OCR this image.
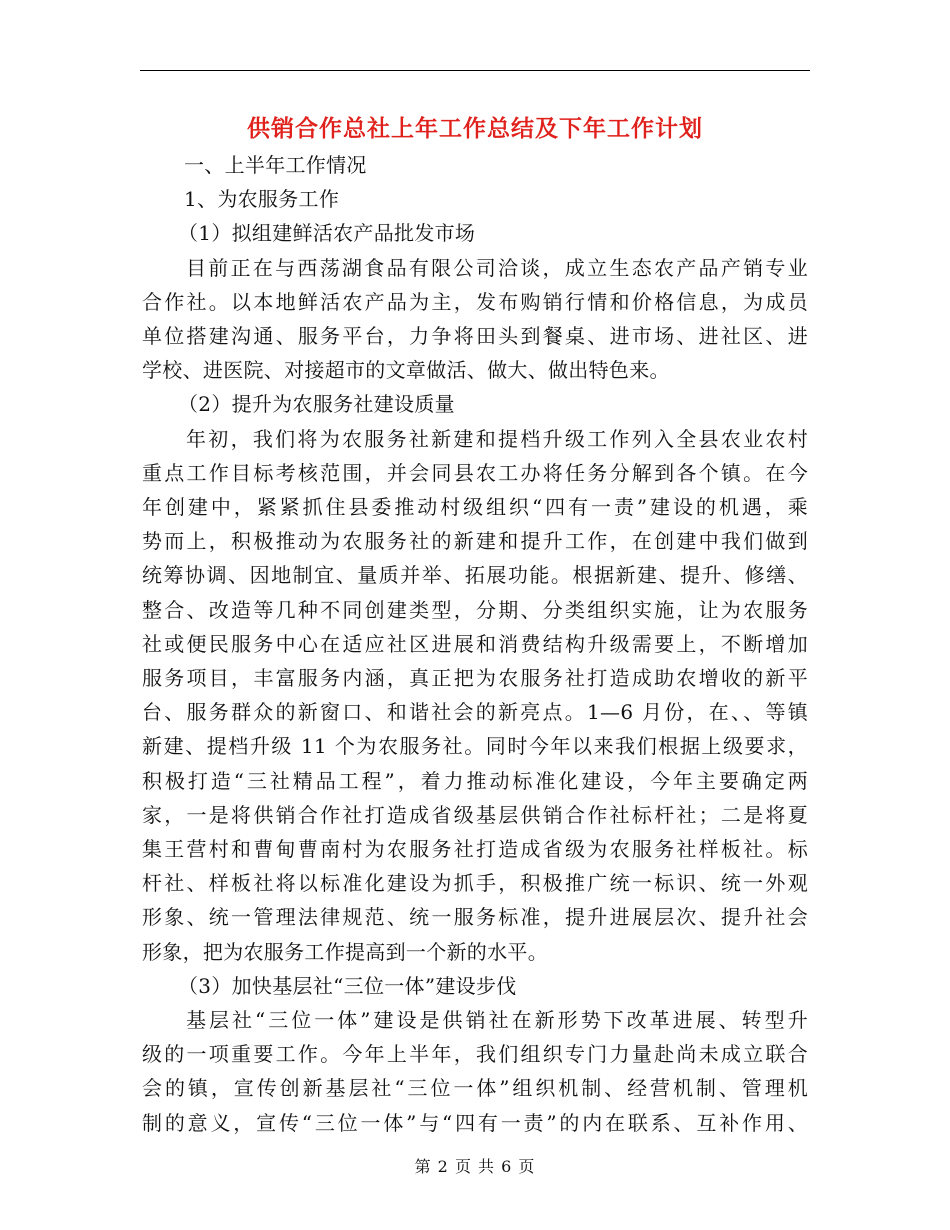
供销合作总社上年工作总结及下年工作计划
一、上半年工作情况
1、为农服务工作
（1）拟组建鲜活农产品批发市场
目前正在与西荡湖食品有限公司洽谈，成立生态农产品产销专业
合作社。以本地鲜活农产品为主，发布购销行情和价格信息，为成员
单位搭建沟通、服务平台，力争将田头到餐桌、进市场、进社区、进
学校、进医院、对接超市的文章做活、做大、做出特色来。
（2）提升为农服务社建设质量
年初，我们将为农服务社新建和提档升级工作列入全县农业农村
重点工作目标考核范围，并会同县农工办将任务分解到各个镇。在今
年创建中，紧紧抓住县委推动村级组织“四有一责”建设的机遇，乘
势而上，积极推动为农服务社的新建和提升工作，在创建中我们做到
统筹协调、因地制宜、量质并举、拓展功能。根据新建、提升、修缮、
整合、改造等几种不同创建类型，分期、分类组织实施，让为农服务
社或便民服务中心在适应社区进展和消费结构升级需要上，不断增加
服务项目，丰富服务内涵，真正把为农服务社打造成助农增收的新平
台、服务群众的新窗口、和谐社会的新亮点。1—6 月份，在、、等镇
新建、提档升级 11 个为农服务社。同时今年以来我们根据上级要求，
积极打造“三社精品工程”，着力推动标准化建设，今年主要确定两
家，一是将供销合作社打造成省级基层供销合作社标杆社；二是将夏
集王营村和曹甸曹南村为农服务社打造成省级为农服务社样板社。标
杆社、样板社将以标准化建设为抓手，积极推广统一标识、统一外观
形象、统一管理法律规范、统一服务标准，提升进展层次、提升社会
形象，把为农服务工作提高到一个新的水平。
（3）加快基层社“三位一体”建设步伐
基层社“三位一体”建设是供销社在新形势下改革进展、转型升
级的一项重要工作。今年上半年，我们组织专门力量赴尚未成立联合
会的镇，宣传创新基层社“三位一体”组织机制、经营机制、管理机
制的意义，宣传“三位一体”与“四有一责”的内在联系、互补作用、
第 2 页 共 6 页
